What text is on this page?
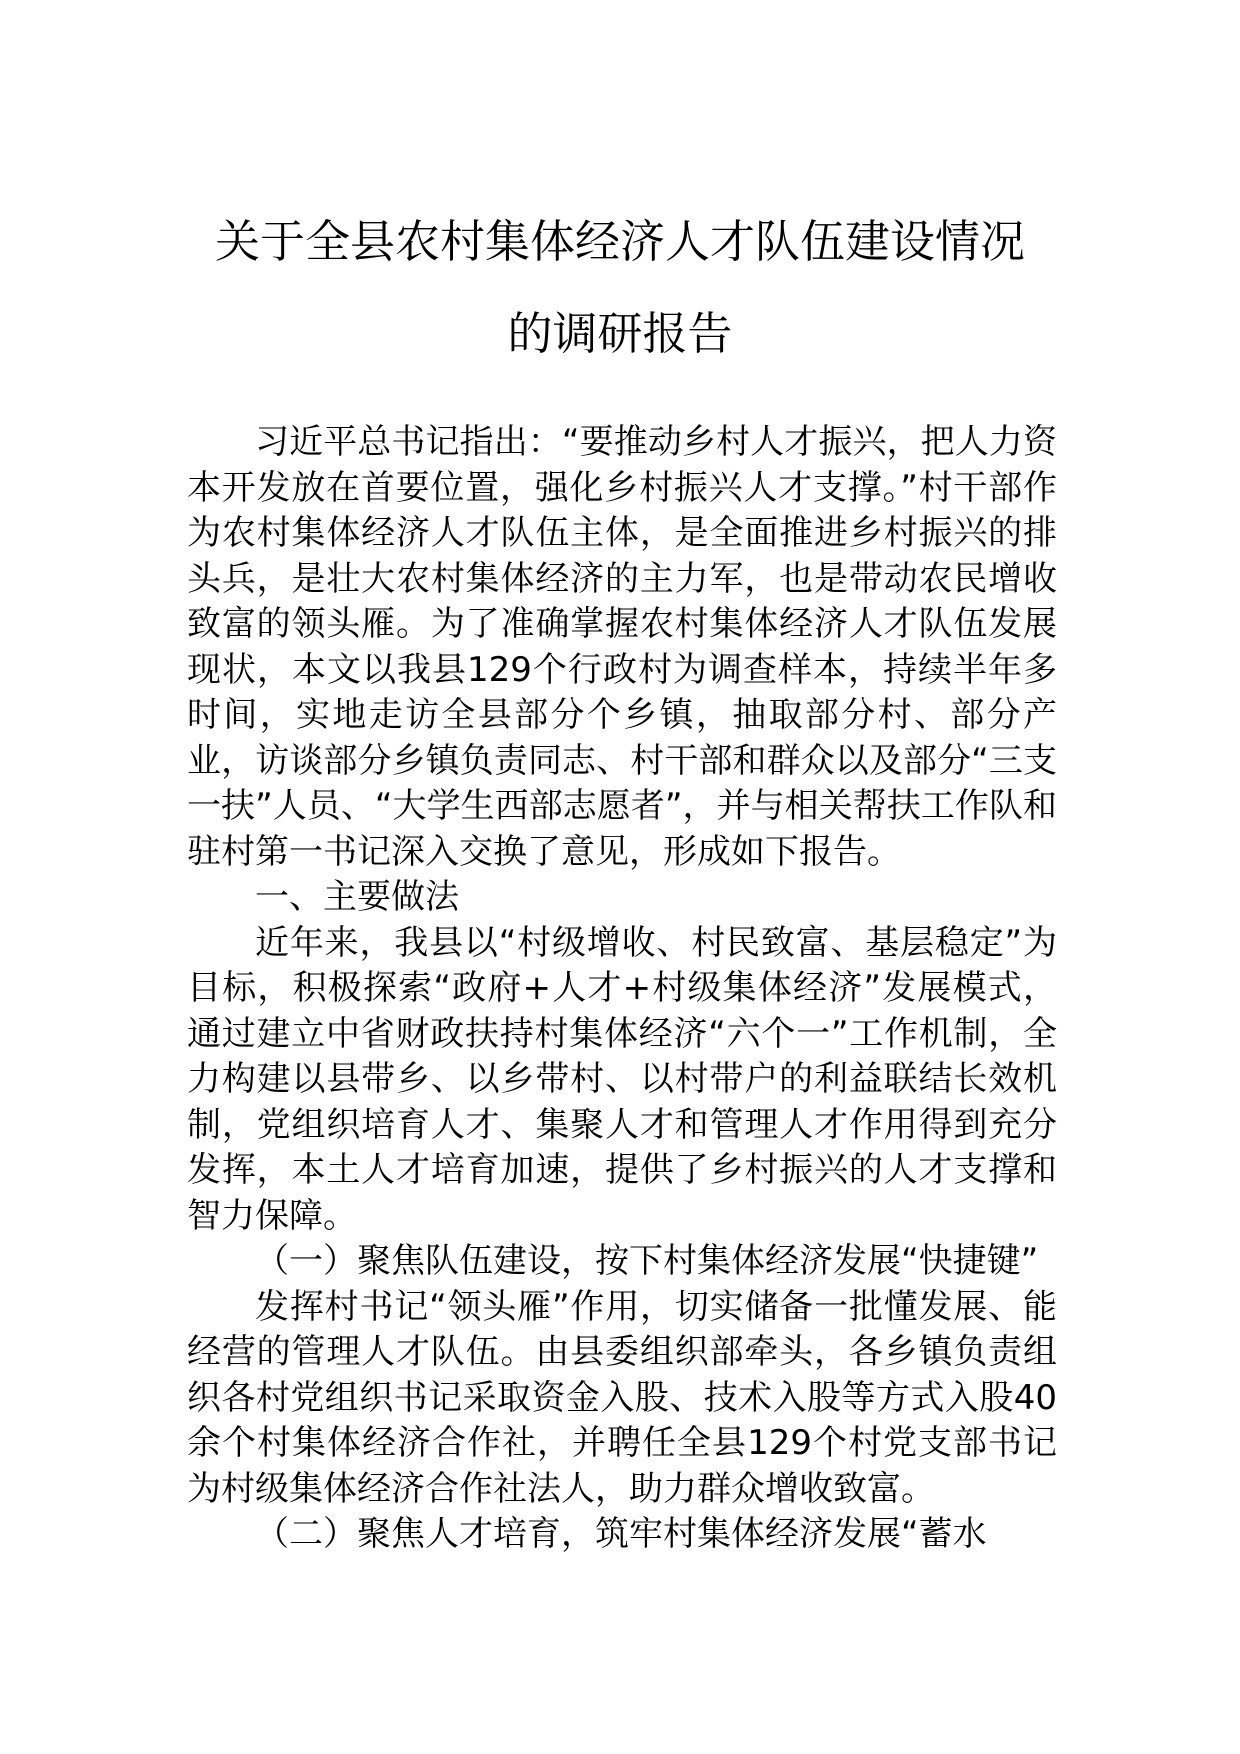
关于全县农村集体经济人才队伍建设情况
的调研报告

习近平总书记指出：“要推动乡村人才振兴，把人力资本开发放在首要位置，强化乡村振兴人才支撑。”村干部作为农村集体经济人才队伍主体，是全面推进乡村振兴的排头兵，是壮大农村集体经济的主力军，也是带动农民增收致富的领头雁。为了准确掌握农村集体经济人才队伍发展现状，本文以我县129个行政村为调查样本，持续半年多时间，实地走访全县部分个乡镇，抽取部分村、部分产业，访谈部分乡镇负责同志、村干部和群众以及部分“三支一扶”人员、“大学生西部志愿者”，并与相关帮扶工作队和驻村第一书记深入交换了意见，形成如下报告。

一、主要做法

近年来，我县以“村级增收、村民致富、基层稳定”为目标，积极探索“政府+人才+村级集体经济”发展模式，通过建立中省财政扶持村集体经济“六个一”工作机制，全力构建以县带乡、以乡带村、以村带户的利益联结长效机制，党组织培育人才、集聚人才和管理人才作用得到充分发挥，本土人才培育加速，提供了乡村振兴的人才支撑和智力保障。

（一）聚焦队伍建设，按下村集体经济发展“快捷键”

发挥村书记“领头雁”作用，切实储备一批懂发展、能经营的管理人才队伍。由县委组织部牵头，各乡镇负责组织各村党组织书记采取资金入股、技术入股等方式入股40余个村集体经济合作社，并聘任全县129个村党支部书记为村级集体经济合作社法人，助力群众增收致富。

（二）聚焦人才培育，筑牢村集体经济发展“蓄水
